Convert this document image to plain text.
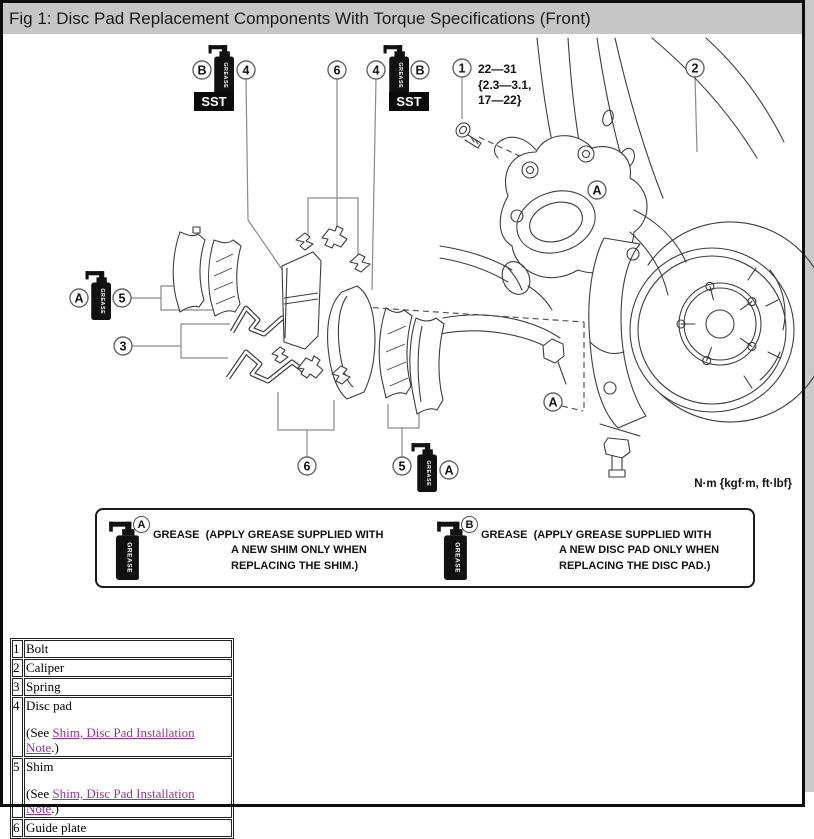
Fig 1: Disc Pad Replacement Components With Torque Specifications (Front)
SST	SST
22—31
{2.3—3.1,
17—22}
N·m {kgf·m, ft·lbf}
B	4	6	4	B	1	2
A
A	5
3
6	5	A
A
A
GREASE (APPLY GREASE SUPPLIED WITH
A NEW SHIM ONLY WHEN
REPLACING THE SHIM.)
B
GREASE (APPLY GREASE SUPPLIED WITH
A NEW DISC PAD ONLY WHEN
REPLACING THE DISC PAD.)
1	Bolt

2	Caliper

3	Spring

4	Disc pad
(See Shim, Disc Pad Installation Note.)

5	Shim
(See Shim, Disc Pad Installation Note.)

6	Guide plate
